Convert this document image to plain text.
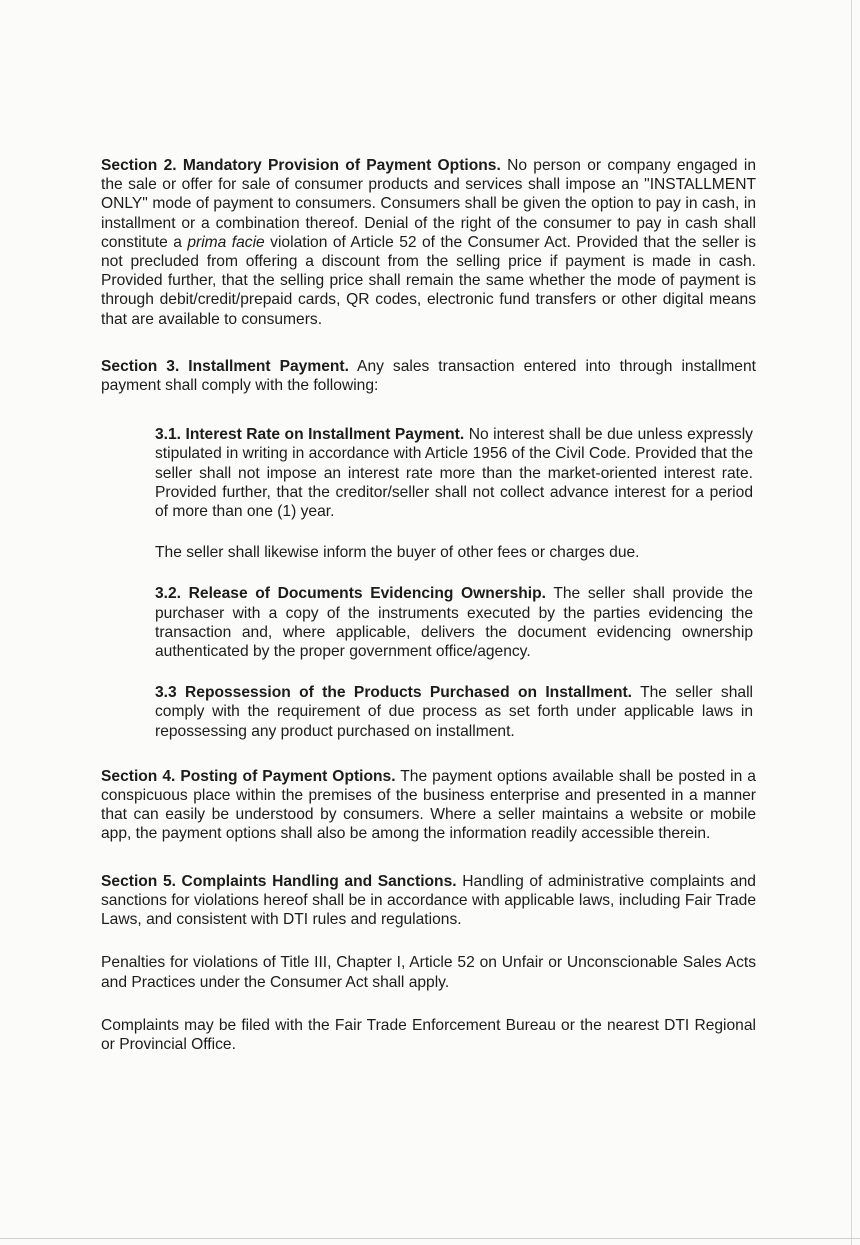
Section 2. Mandatory Provision of Payment Options. No person or company engaged in the sale or offer for sale of consumer products and services shall impose an "INSTALLMENT ONLY" mode of payment to consumers. Consumers shall be given the option to pay in cash, in installment or a combination thereof. Denial of the right of the consumer to pay in cash shall constitute a prima facie violation of Article 52 of the Consumer Act. Provided that the seller is not precluded from offering a discount from the selling price if payment is made in cash. Provided further, that the selling price shall remain the same whether the mode of payment is through debit/credit/prepaid cards, QR codes, electronic fund transfers or other digital means that are available to consumers.

Section 3. Installment Payment. Any sales transaction entered into through installment payment shall comply with the following:

3.1. Interest Rate on Installment Payment. No interest shall be due unless expressly stipulated in writing in accordance with Article 1956 of the Civil Code. Provided that the seller shall not impose an interest rate more than the market-oriented interest rate. Provided further, that the creditor/seller shall not collect advance interest for a period of more than one (1) year.

The seller shall likewise inform the buyer of other fees or charges due.

3.2. Release of Documents Evidencing Ownership. The seller shall provide the purchaser with a copy of the instruments executed by the parties evidencing the transaction and, where applicable, delivers the document evidencing ownership authenticated by the proper government office/agency.

3.3 Repossession of the Products Purchased on Installment. The seller shall comply with the requirement of due process as set forth under applicable laws in repossessing any product purchased on installment.

Section 4. Posting of Payment Options. The payment options available shall be posted in a conspicuous place within the premises of the business enterprise and presented in a manner that can easily be understood by consumers. Where a seller maintains a website or mobile app, the payment options shall also be among the information readily accessible therein.

Section 5. Complaints Handling and Sanctions. Handling of administrative complaints and sanctions for violations hereof shall be in accordance with applicable laws, including Fair Trade Laws, and consistent with DTI rules and regulations.

Penalties for violations of Title III, Chapter I, Article 52 on Unfair or Unconscionable Sales Acts and Practices under the Consumer Act shall apply.

Complaints may be filed with the Fair Trade Enforcement Bureau or the nearest DTI Regional or Provincial Office.
